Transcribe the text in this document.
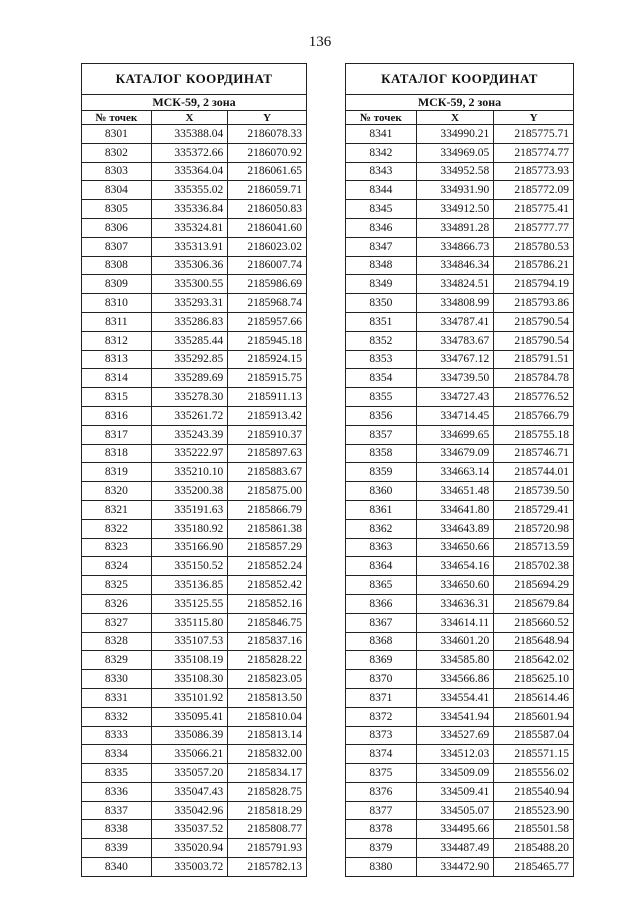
136
КАТАЛОГ КООРДИНАТ		
МСК-59, 2 зона		
№ точек	X	Y
8301	335388.04	2186078.33
8302	335372.66	2186070.92
8303	335364.04	2186061.65
8304	335355.02	2186059.71
8305	335336.84	2186050.83
8306	335324.81	2186041.60
8307	335313.91	2186023.02
8308	335306.36	2186007.74
8309	335300.55	2185986.69
8310	335293.31	2185968.74
8311	335286.83	2185957.66
8312	335285.44	2185945.18
8313	335292.85	2185924.15
8314	335289.69	2185915.75
8315	335278.30	2185911.13
8316	335261.72	2185913.42
8317	335243.39	2185910.37
8318	335222.97	2185897.63
8319	335210.10	2185883.67
8320	335200.38	2185875.00
8321	335191.63	2185866.79
8322	335180.92	2185861.38
8323	335166.90	2185857.29
8324	335150.52	2185852.24
8325	335136.85	2185852.42
8326	335125.55	2185852.16
8327	335115.80	2185846.75
8328	335107.53	2185837.16
8329	335108.19	2185828.22
8330	335108.30	2185823.05
8331	335101.92	2185813.50
8332	335095.41	2185810.04
8333	335086.39	2185813.14
8334	335066.21	2185832.00
8335	335057.20	2185834.17
8336	335047.43	2185828.75
8337	335042.96	2185818.29
8338	335037.52	2185808.77
8339	335020.94	2185791.93
8340	335003.72	2185782.13
КАТАЛОГ КООРДИНАТ		
МСК-59, 2 зона		
№ точек	X	Y
8341	334990.21	2185775.71
8342	334969.05	2185774.77
8343	334952.58	2185773.93
8344	334931.90	2185772.09
8345	334912.50	2185775.41
8346	334891.28	2185777.77
8347	334866.73	2185780.53
8348	334846.34	2185786.21
8349	334824.51	2185794.19
8350	334808.99	2185793.86
8351	334787.41	2185790.54
8352	334783.67	2185790.54
8353	334767.12	2185791.51
8354	334739.50	2185784.78
8355	334727.43	2185776.52
8356	334714.45	2185766.79
8357	334699.65	2185755.18
8358	334679.09	2185746.71
8359	334663.14	2185744.01
8360	334651.48	2185739.50
8361	334641.80	2185729.41
8362	334643.89	2185720.98
8363	334650.66	2185713.59
8364	334654.16	2185702.38
8365	334650.60	2185694.29
8366	334636.31	2185679.84
8367	334614.11	2185660.52
8368	334601.20	2185648.94
8369	334585.80	2185642.02
8370	334566.86	2185625.10
8371	334554.41	2185614.46
8372	334541.94	2185601.94
8373	334527.69	2185587.04
8374	334512.03	2185571.15
8375	334509.09	2185556.02
8376	334509.41	2185540.94
8377	334505.07	2185523.90
8378	334495.66	2185501.58
8379	334487.49	2185488.20
8380	334472.90	2185465.77
